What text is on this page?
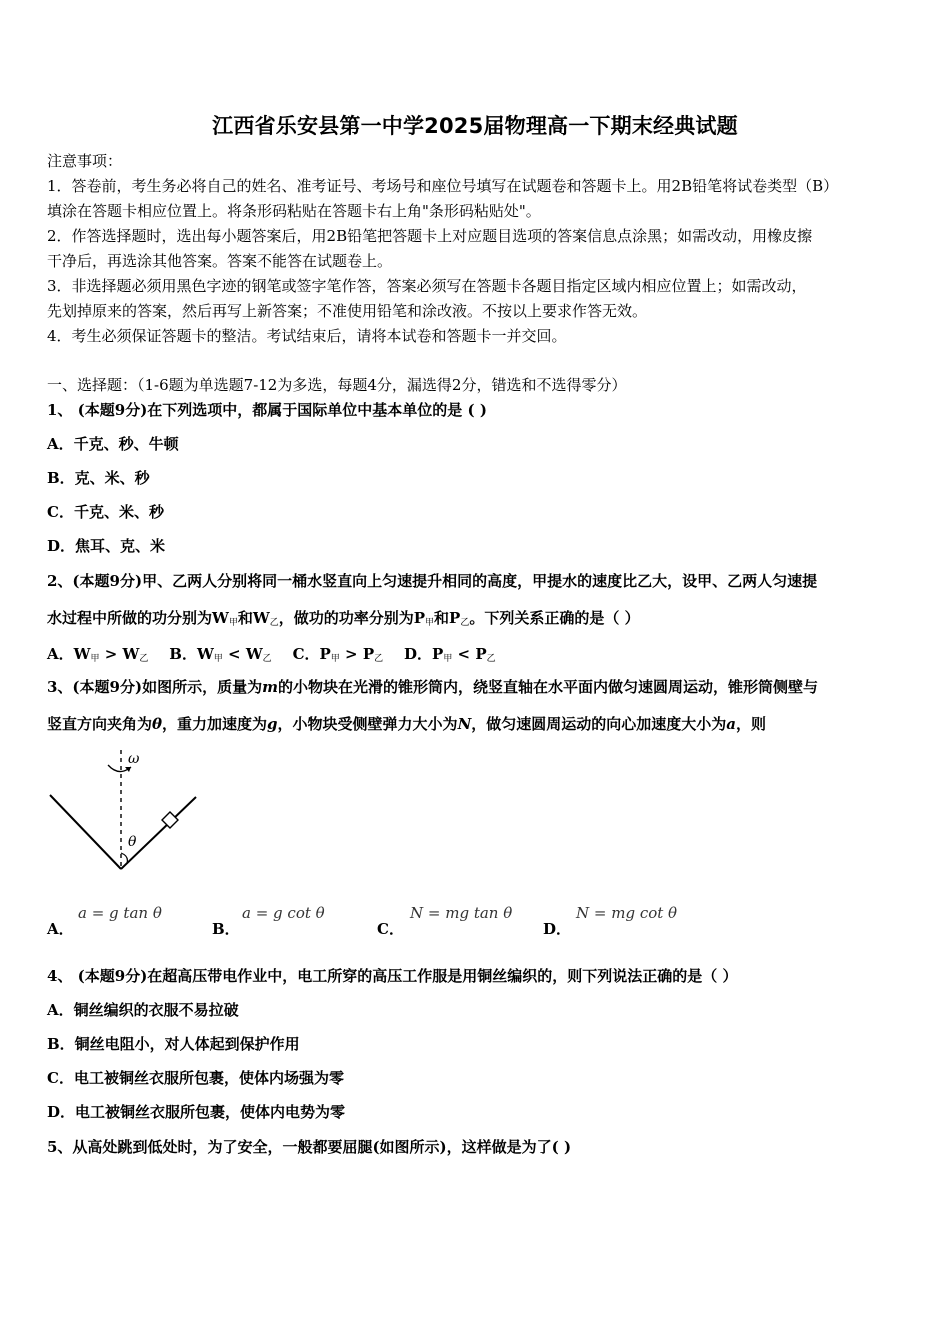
江西省乐安县第一中学2025届物理高一下期末经典试题
注意事项：
1．答卷前，考生务必将自己的姓名、准考证号、考场号和座位号填写在试题卷和答题卡上。用2B铅笔将试卷类型（B）
填涂在答题卡相应位置上。将条形码粘贴在答题卡右上角"条形码粘贴处"。
2．作答选择题时，选出每小题答案后，用2B铅笔把答题卡上对应题目选项的答案信息点涂黑；如需改动，用橡皮擦
干净后，再选涂其他答案。答案不能答在试题卷上。
3．非选择题必须用黑色字迹的钢笔或签字笔作答，答案必须写在答题卡各题目指定区域内相应位置上；如需改动，
先划掉原来的答案，然后再写上新答案；不准使用铅笔和涂改液。不按以上要求作答无效。
4．考生必须保证答题卡的整洁。考试结束后，请将本试卷和答题卡一并交回。
一、选择题：（1-6题为单选题7-12为多选，每题4分，漏选得2分，错选和不选得零分）
1、 (本题9分)在下列选项中，都属于国际单位中基本单位的是 ( )
A．千克、秒、牛顿
B．克、米、秒
C．千克、米、秒
D．焦耳、克、米
2、(本题9分)甲、乙两人分别将同一桶水竖直向上匀速提升相同的高度，甲提水的速度比乙大，设甲、乙两人匀速提
水过程中所做的功分别为$W_甲$和$W_乙$，做功的功率分别为$P_甲$和$P_乙$。下列关系正确的是（ ）
A．$W_甲 > W_乙$ B．$W_甲 < W_乙$ C．$P_甲 > P_乙$ D．$P_甲 < P_乙$
3、(本题9分)如图所示，质量为m的小物块在光滑的锥形筒内，绕竖直轴在水平面内做匀速圆周运动，锥形筒侧壁与
竖直方向夹角为θ，重力加速度为g，小物块受侧壁弹力大小为N，做匀速圆周运动的向心加速度大小为a，则
ω
θ
A．
a = g tan θ
B．
a = g cot θ
C．
N = mg tan θ
D．
N = mg cot θ
4、 (本题9分)在超高压带电作业中，电工所穿的高压工作服是用铜丝编织的，则下列说法正确的是（ ）
A．铜丝编织的衣服不易拉破
B．铜丝电阻小，对人体起到保护作用
C．电工被铜丝衣服所包裹，使体内场强为零
D．电工被铜丝衣服所包裹，使体内电势为零
5、从高处跳到低处时，为了安全，一般都要屈腿(如图所示)，这样做是为了( )
